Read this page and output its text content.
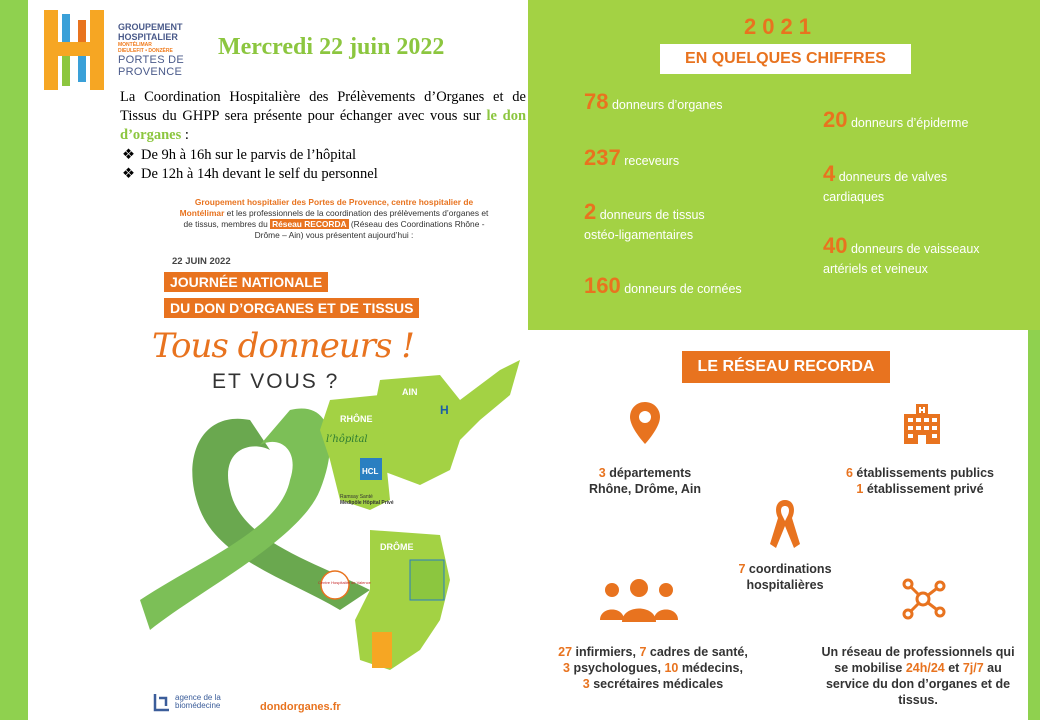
GROUPEMENT
HOSPITALIER
MONTÉLIMAR
DIEULEFIT • DONZÈRE
PORTES DE
PROVENCE
Mercredi 22 juin 2022
La Coordination Hospitalière des Prélèvements d’Organes et de Tissus du GHPP sera présente pour échanger avec vous sur le don d’organes :
❖ De 9h à 16h sur le parvis de l’hôpital
❖ De 12h à 14h devant le self du personnel
Groupement hospitalier des Portes de Provence, centre hospitalier de Montélimar et les professionnels de la coordination des prélèvements d’organes et de tissus, membres du Réseau RECORDA (Réseau des Coordinations Rhône - Drôme – Ain) vous présentent aujourd’hui :
22 JUIN 2022
JOURNÉE NATIONALE
DU DON D’ORGANES ET DE TISSUS
AIN
RHÔNE
DRÔME
HCL
l’hôpital
Ramsay Santé
Médipôle Hôpital Privé
Centre Hospitalier de Valence
H
Tous donneurs !
ET VOUS ?
agence de la
biomédecine	dondorganes.fr
2021
EN QUELQUES CHIFFRES
78 donneurs d’organes
237 receveurs
2 donneurs de tissus
ostéo-ligamentaires
160 donneurs de cornées
20 donneurs d’épiderme
4 donneurs de valves
cardiaques
40 donneurs de vaisseaux
artériels et veineux
LE RÉSEAU RECORDA
3 départements
Rhône, Drôme, Ain
6 établissements publics
1 établissement privé
7 coordinations
hospitalières
27 infirmiers, 7 cadres de santé,
3 psychologues, 10 médecins,
3 secrétaires médicales
Un réseau de professionnels qui
se mobilise 24h/24 et 7j/7 au
service du don d’organes et de
tissus.
